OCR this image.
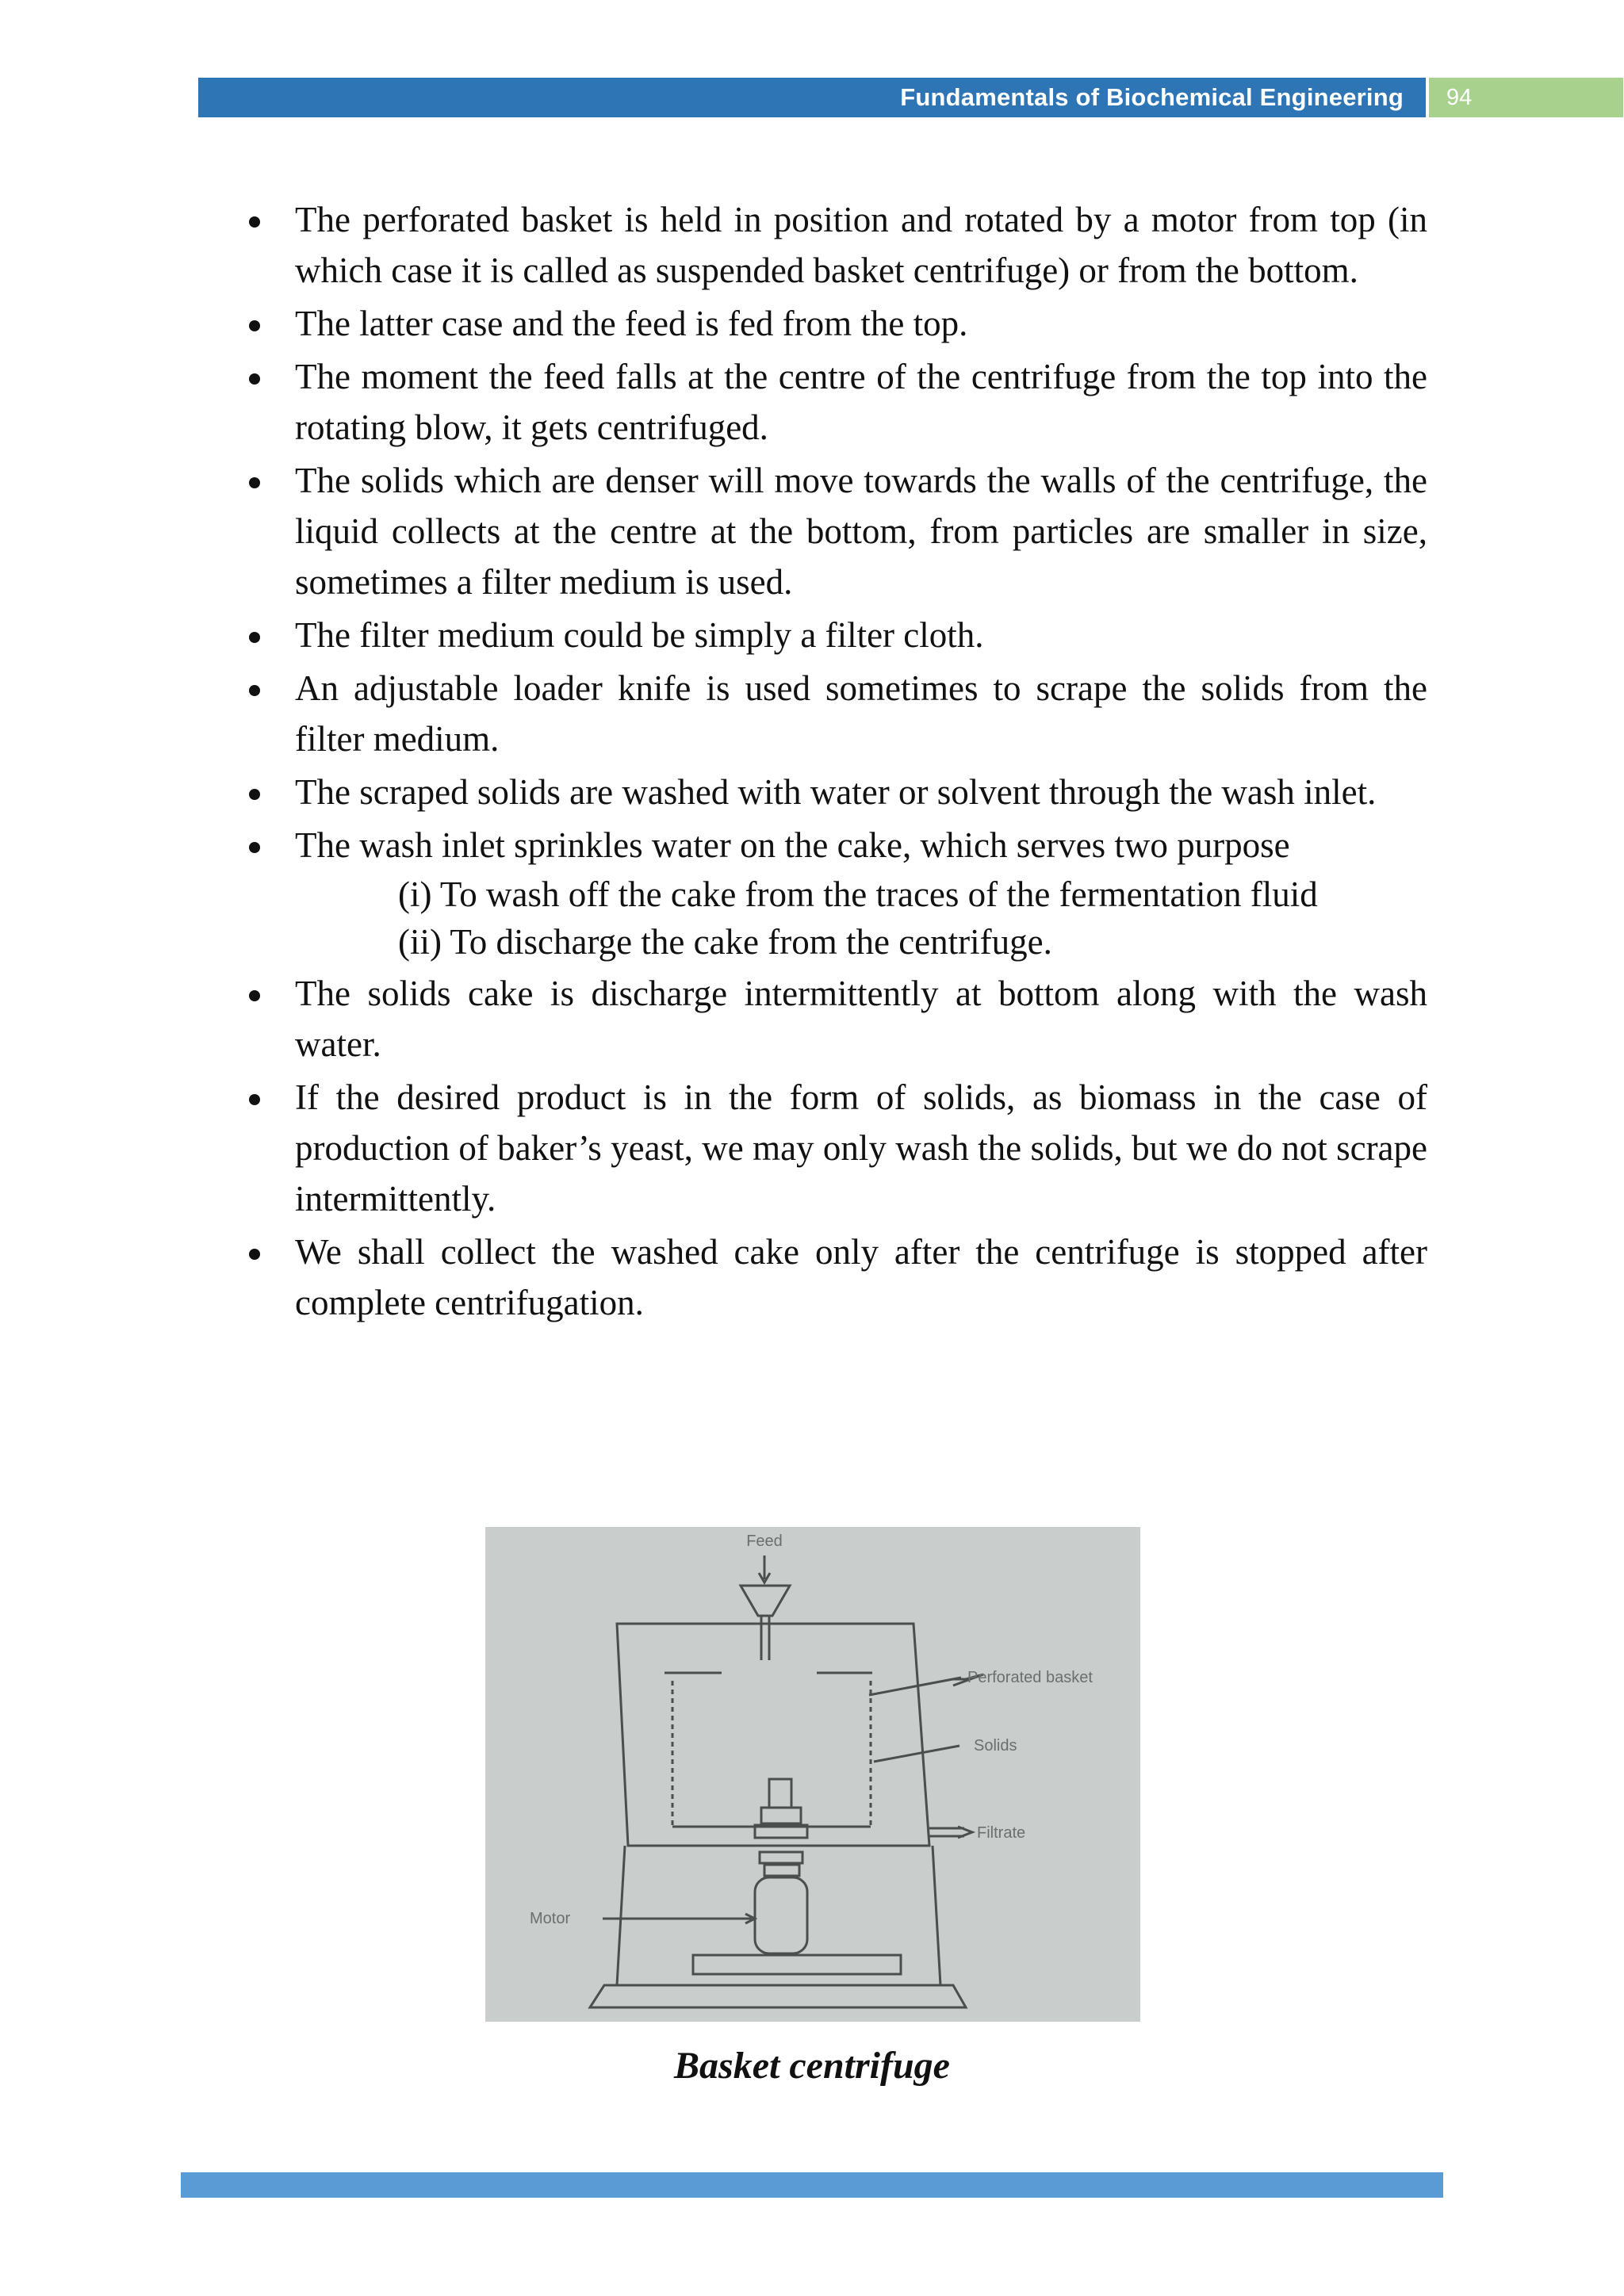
Fundamentals of Biochemical Engineering	94
The perforated basket is held in position and rotated by a motor from top (in which case it is called as suspended basket centrifuge) or from the bottom.
The latter case and the feed is fed from the top.
The moment the feed falls at the centre of the centrifuge from the top into the rotating blow, it gets centrifuged.
The solids which are denser will move towards the walls of the centrifuge, the liquid collects at the centre at the bottom, from particles are smaller in size, sometimes a filter medium is used.
The filter medium could be simply a filter cloth.
An adjustable loader knife is used sometimes to scrape the solids from the filter medium.
The scraped solids are washed with water or solvent through the wash inlet.
The wash inlet sprinkles water on the cake, which serves two purpose
(i) To wash off the cake from the traces of the fermentation fluid
(ii) To discharge the cake from the centrifuge.
The solids cake is discharge intermittently at bottom along with the wash water.
If the desired product is in the form of solids, as biomass in the case of production of baker’s yeast, we may only wash the solids, but we do not scrape intermittently.
We shall collect the washed cake only after the centrifuge is stopped after complete centrifugation.
Feed
Perforated basket
Solids
Filtrate
Motor
Basket centrifuge
